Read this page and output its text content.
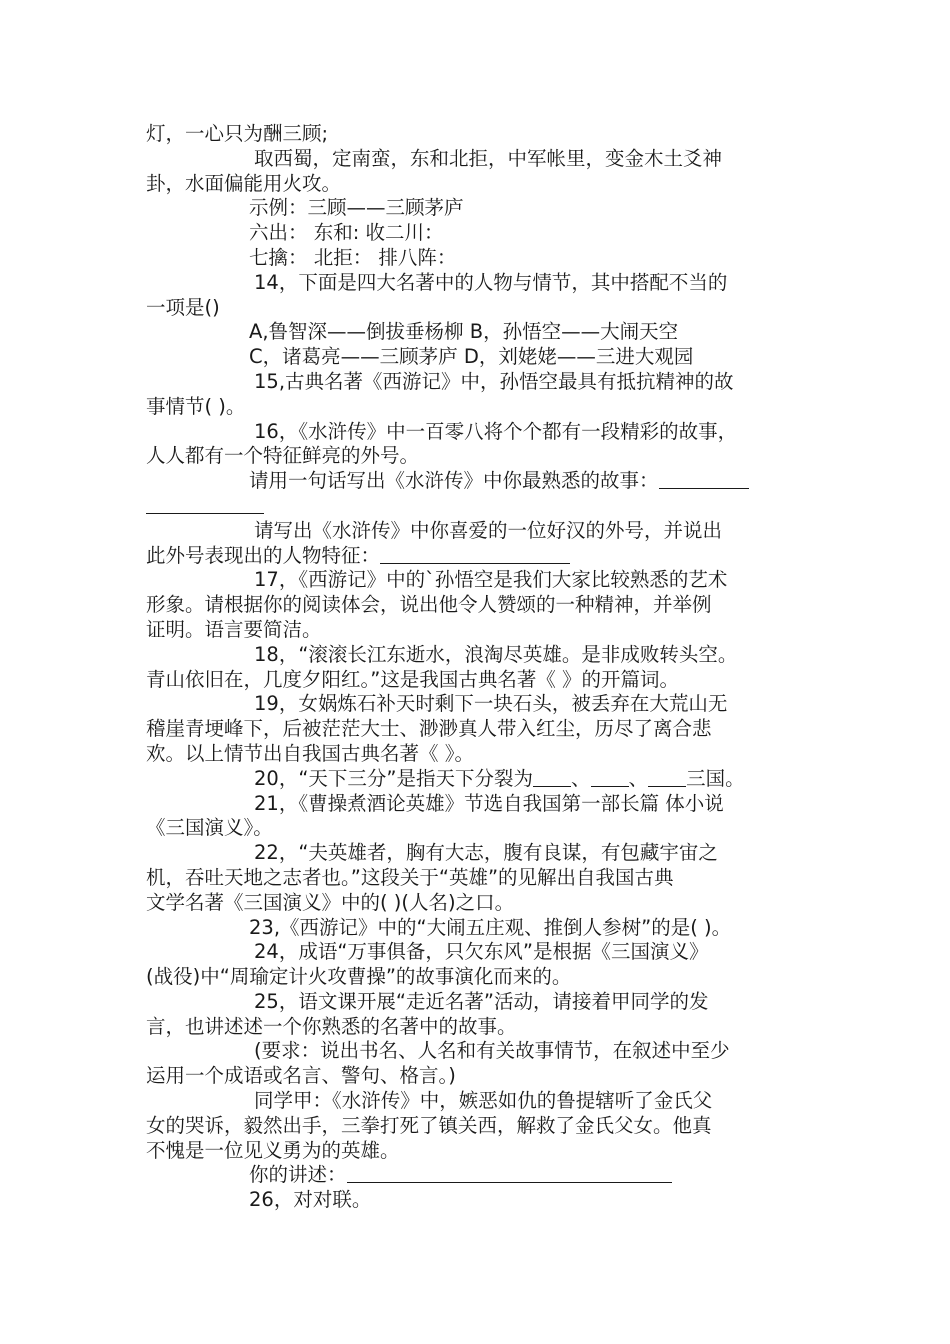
灯，一心只为酬三顾;
取西蜀，定南蛮，东和北拒，中军帐里，变金木土爻神
卦，水面偏能用火攻。
示例：三顾——三顾茅庐
六出： 东和: 收二川：
七擒： 北拒： 排八阵：
14，下面是四大名著中的人物与情节，其中搭配不当的
一项是()
A,鲁智深——倒拔垂杨柳 B，孙悟空——大闹天空
C，诸葛亮——三顾茅庐 D，刘姥姥——三进大观园
15,古典名著《西游记》中，孙悟空最具有抵抗精神的故
事情节( )。
16，《水浒传》中一百零八将个个都有一段精彩的故事，
人人都有一个特征鲜亮的外号。
请用一句话写出《水浒传》中你最熟悉的故事：
请写出《水浒传》中你喜爱的一位好汉的外号，并说出
此外号表现出的人物特征：
17，《西游记》中的`孙悟空是我们大家比较熟悉的艺术
形象。请根据你的阅读体会，说出他令人赞颂的一种精神，并举例
证明。语言要简洁。
18，“滚滚长江东逝水，浪淘尽英雄。是非成败转头空。
青山依旧在，几度夕阳红。”这是我国古典名著《 》的开篇词。
19，女娲炼石补天时剩下一块石头，被丢弃在大荒山无
稽崖青埂峰下，后被茫茫大士、渺渺真人带入红尘，历尽了离合悲
欢。以上情节出自我国古典名著《 》。
20，“天下三分”是指天下分裂为 、 、 三国。
21，《曹操煮酒论英雄》节选自我国第一部长篇 体小说
《三国演义》。
22，“夫英雄者，胸有大志，腹有良谋，有包藏宇宙之
机，吞吐天地之志者也。”这段关于“英雄”的见解出自我国古典
文学名著《三国演义》中的( )(人名)之口。
23,《西游记》中的“大闹五庄观、推倒人参树”的是( )。
24，成语“万事俱备，只欠东风”是根据《三国演义》
(战役)中“周瑜定计火攻曹操”的故事演化而来的。
25，语文课开展“走近名著”活动，请接着甲同学的发
言，也讲述述一个你熟悉的名著中的故事。
(要求：说出书名、人名和有关故事情节，在叙述中至少
运用一个成语或名言、警句、格言。)
同学甲：《水浒传》中，嫉恶如仇的鲁提辖听了金氏父
女的哭诉，毅然出手，三拳打死了镇关西，解救了金氏父女。他真
不愧是一位见义勇为的英雄。
你的讲述：
26，对对联。
